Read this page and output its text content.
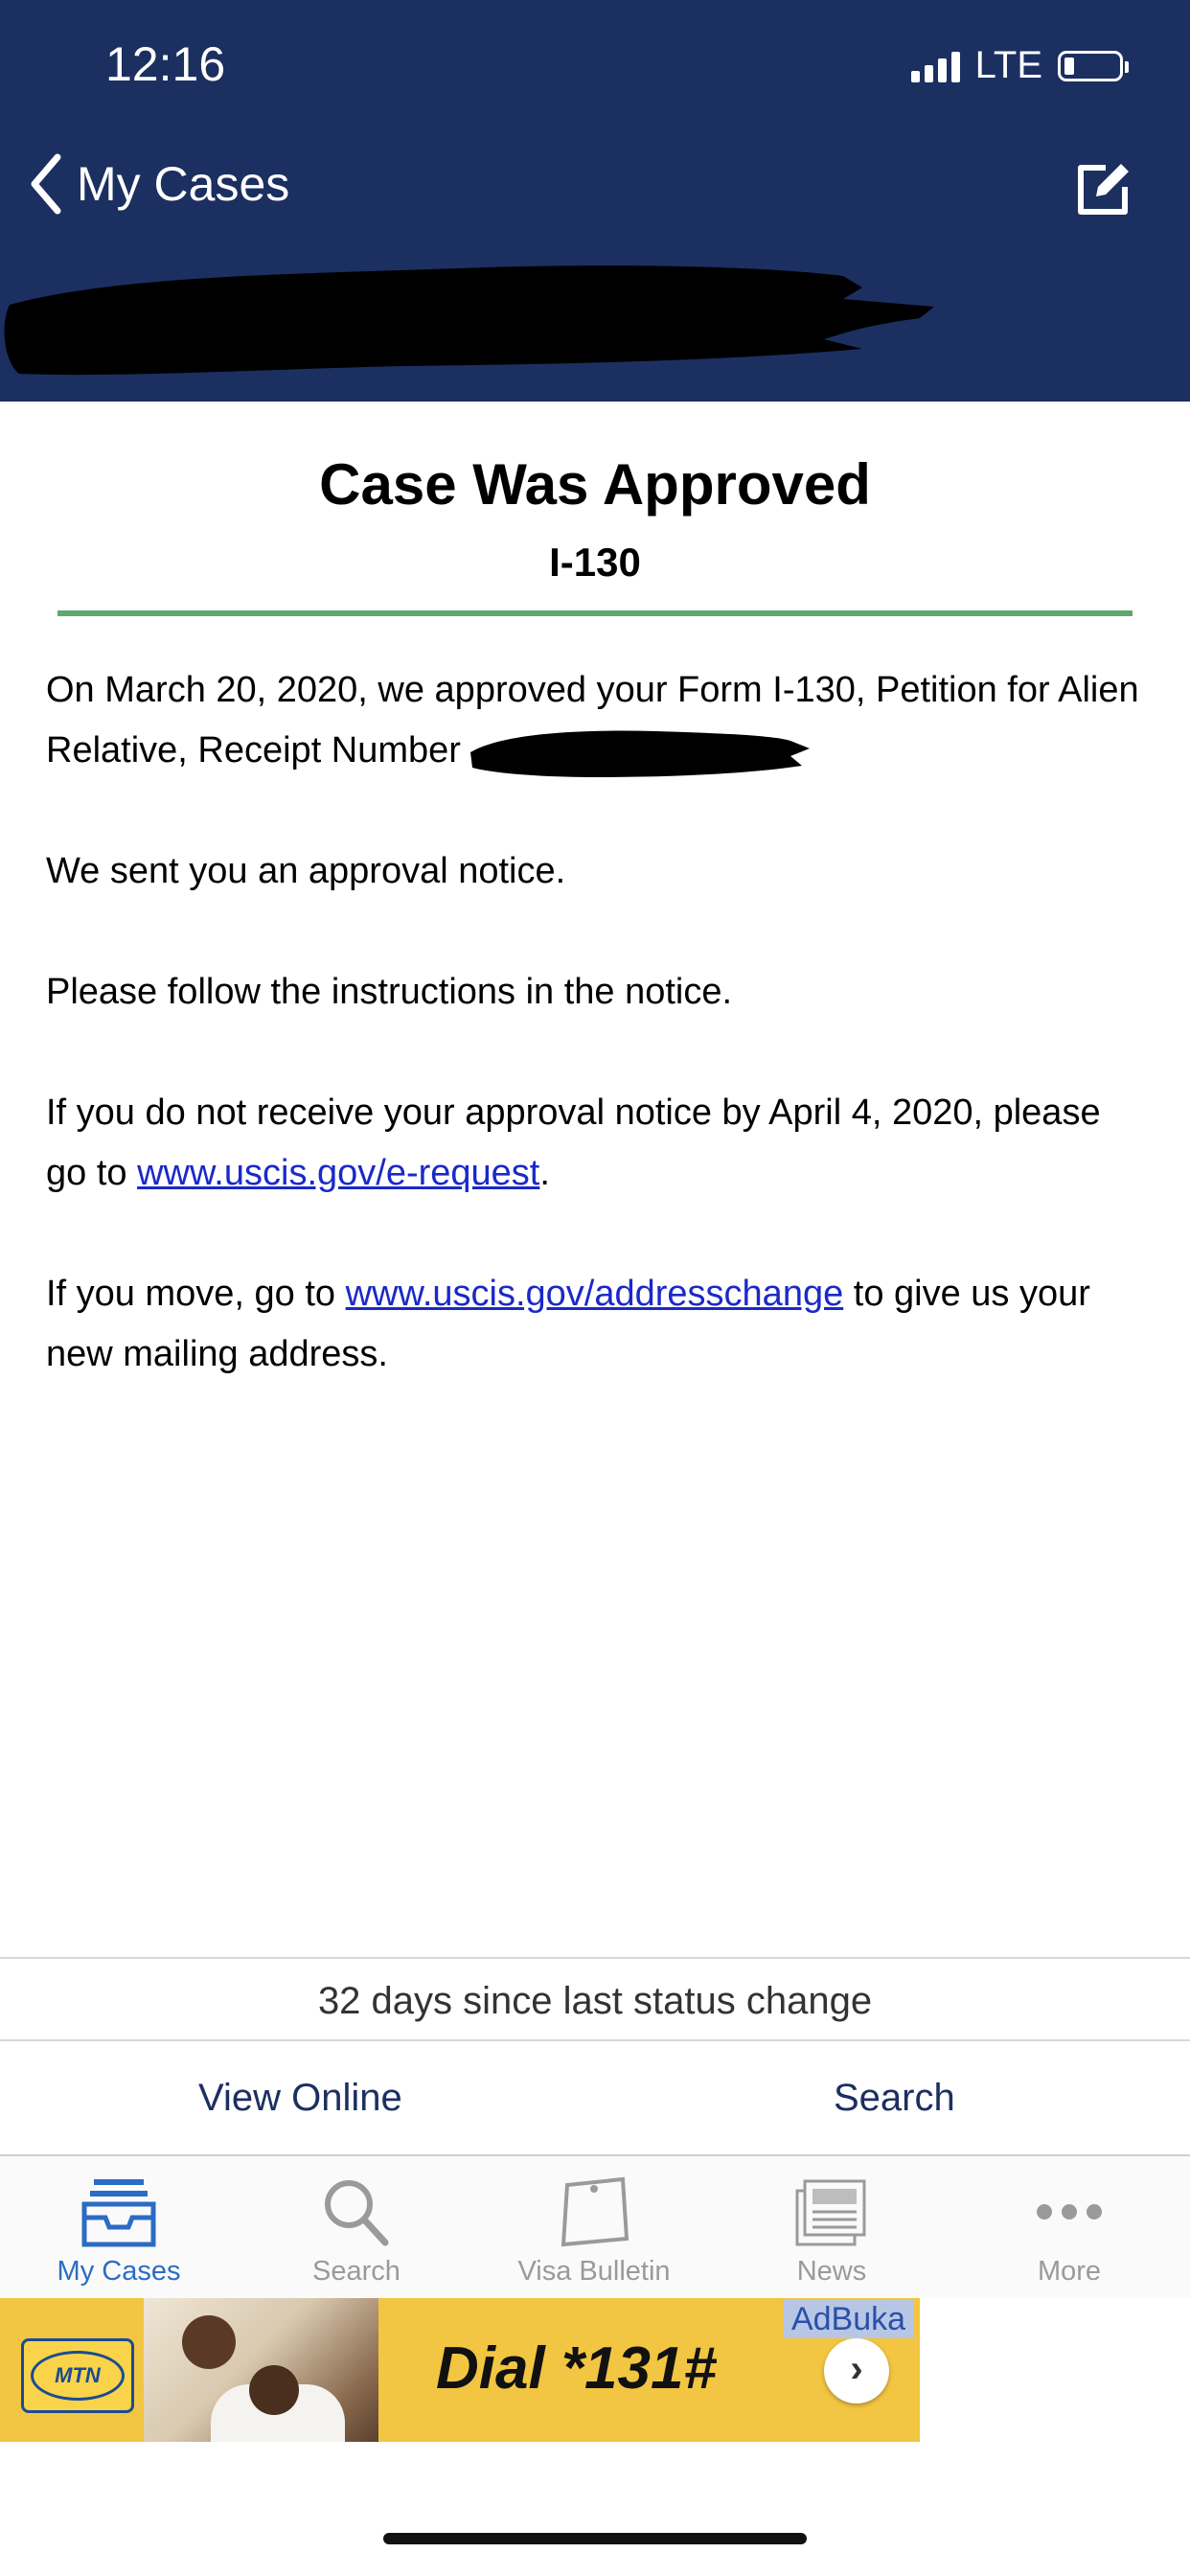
12:16	LTE
My Cases
Case Was Approved
I-130

On March 20, 2020, we approved your Form I-130, Petition for Alien Relative, Receipt Number

We sent you an approval notice.

Please follow the instructions in the notice.

If you do not receive your approval notice by April 4, 2020, please go to www.uscis.gov/e-request.

If you move, go to www.uscis.gov/addresschange to give us your new mailing address.

32 days since last status change
View Online	Search
My Cases	Search	Visa Bulletin	News	More
MTN	Dial *131#	›
AdBuka
